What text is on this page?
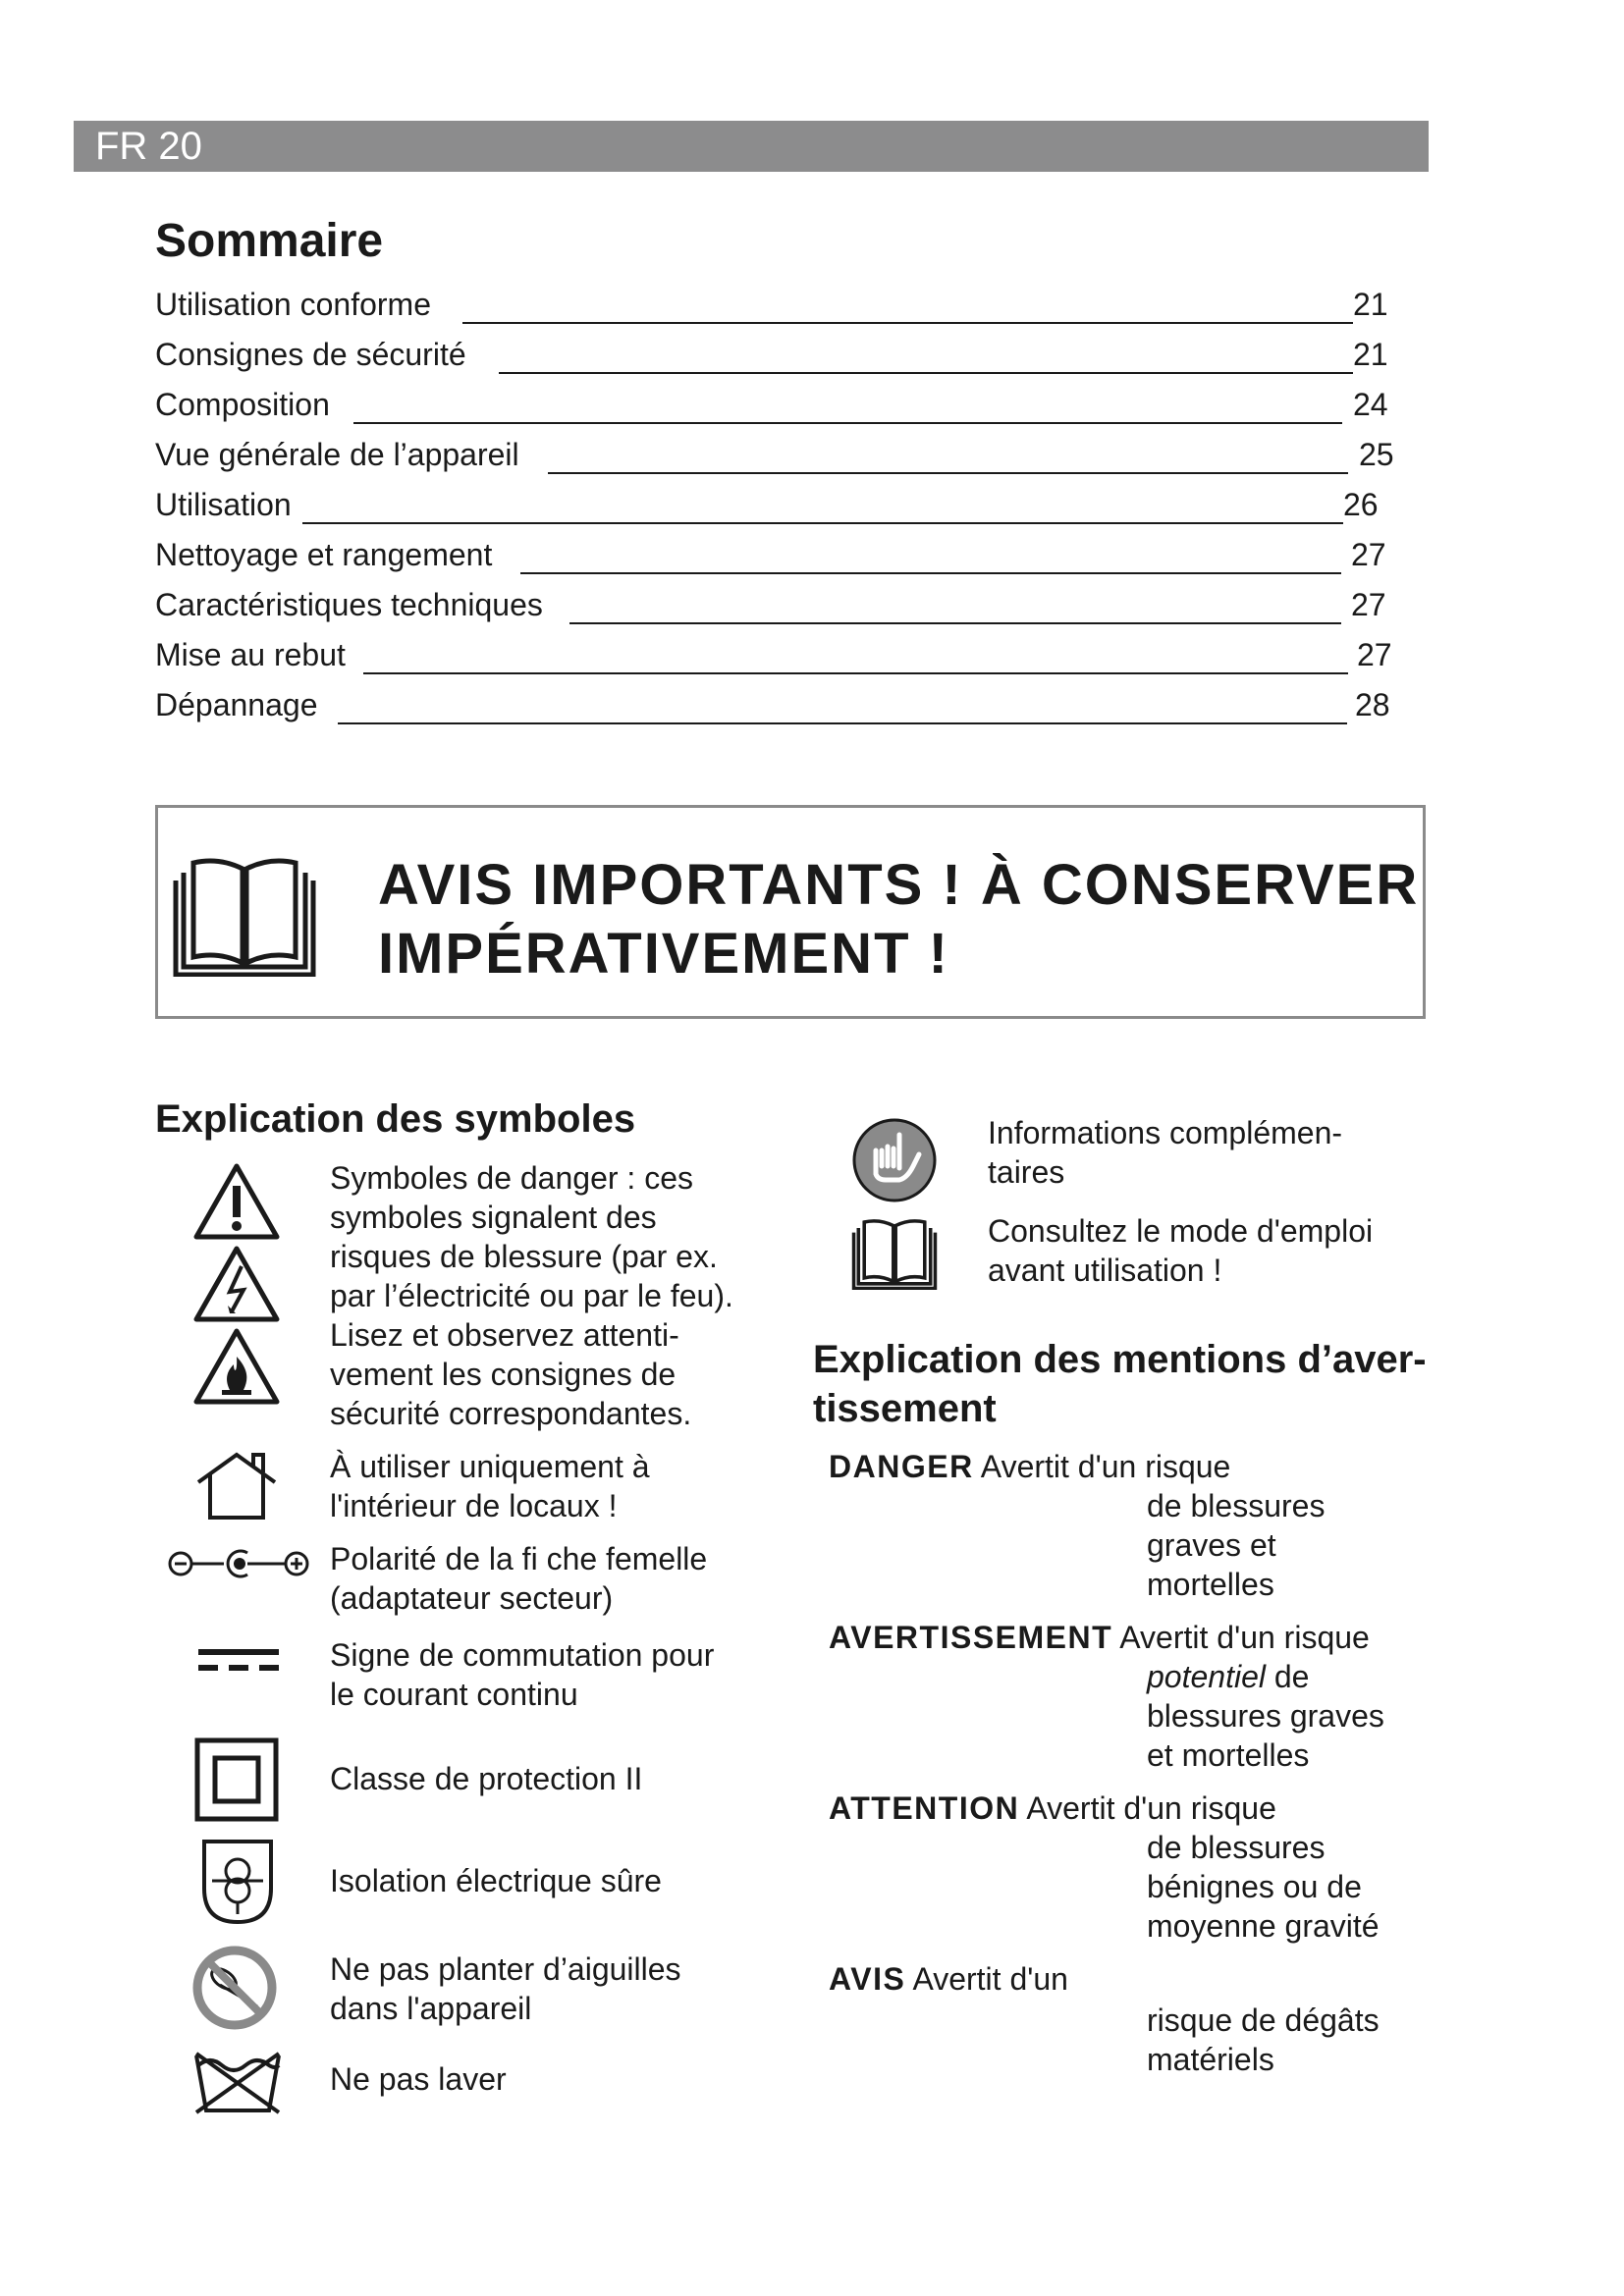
FR 20
Sommaire
Utilisation conforme	21
Consignes de sécurité	21
Composition	24
Vue générale de l’appareil	25
Utilisation	26
Nettoyage et rangement	27
Caractéristiques techniques	27
Mise au rebut	27
Dépannage	28
AVIS IMPORTANTS ! À CONSERVER
IMPÉRATIVEMENT !
Explication des symboles
Symboles de danger : ces
symboles signalent des
risques de blessure (par ex.
par l’électricité ou par le feu).
Lisez et observez attenti-
vement les consignes de
sécurité correspondantes.
À utiliser uniquement à
l'intérieur de locaux !
Polarité de la fi che femelle
(adaptateur secteur)
Signe de commutation pour
le courant continu
Classe de protection II
Isolation électrique sûre
Ne pas planter d’aiguilles
dans l'appareil
Ne pas laver
Informations complémen-
taires
Consultez le mode d'emploi
avant utilisation !
Explication des mentions d’aver-
tissement
DANGER Avertit d'un risque
de blessures
graves et
mortelles
AVERTISSEMENT Avertit d'un risque
potentiel de
blessures graves
et mortelles
ATTENTION Avertit d'un risque
de blessures
bénignes ou de
moyenne gravité
AVIS Avertit d'un
risque de dégâts
matériels
